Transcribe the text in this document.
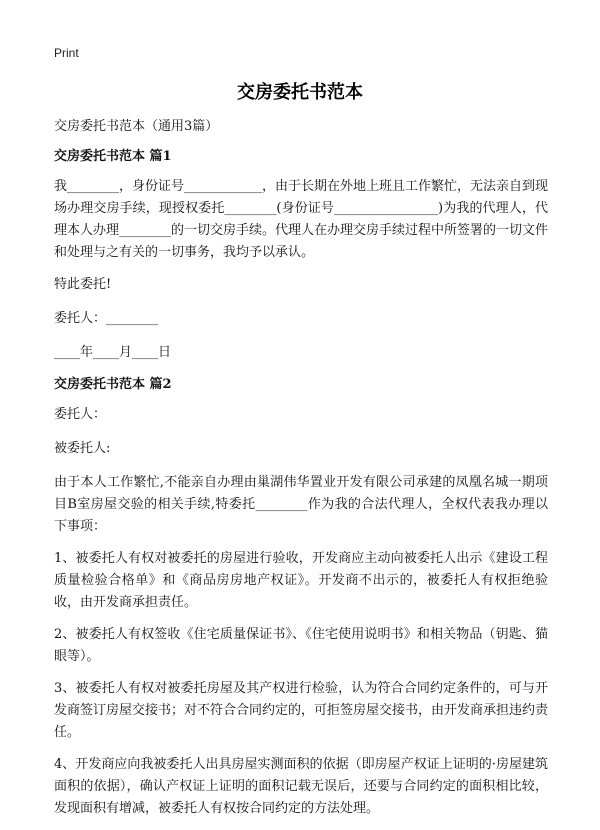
Print
交房委托书范本

交房委托书范本（通用3篇）

交房委托书范本 篇1

我________，身份证号____________，由于长期在外地上班且工作繁忙，无法亲自到现场办理交房手续，现授权委托________(身份证号________________)为我的代理人，代理本人办理________的一切交房手续。代理人在办理交房手续过程中所签署的一切文件和处理与之有关的一切事务，我均予以承认。

特此委托!

委托人：________

____年____月____日

交房委托书范本 篇2

委托人：

被委托人:

由于本人工作繁忙,不能亲自办理由巢湖伟华置业开发有限公司承建的凤凰名城一期项目B室房屋交验的相关手续,特委托________作为我的合法代理人，全权代表我办理以下事项：

1、被委托人有权对被委托的房屋进行验收，开发商应主动向被委托人出示《建设工程质量检验合格单》和《商品房房地产权证》。开发商不出示的，被委托人有权拒绝验收，由开发商承担责任。

2、被委托人有权签收《住宅质量保证书》、《住宅使用说明书》和相关物品（钥匙、猫眼等）。

3、被委托人有权对被委托房屋及其产权进行检验，认为符合合同约定条件的，可与开发商签订房屋交接书；对不符合合同约定的，可拒签房屋交接书，由开发商承担违约责任。

4、开发商应向我被委托人出具房屋实测面积的依据（即房屋产权证上证明的·房屋建筑面积的依据），确认产权证上证明的面积记载无误后，还要与合同约定的面积相比较，发现面积有增减，被委托人有权按合同约定的方法处理。
